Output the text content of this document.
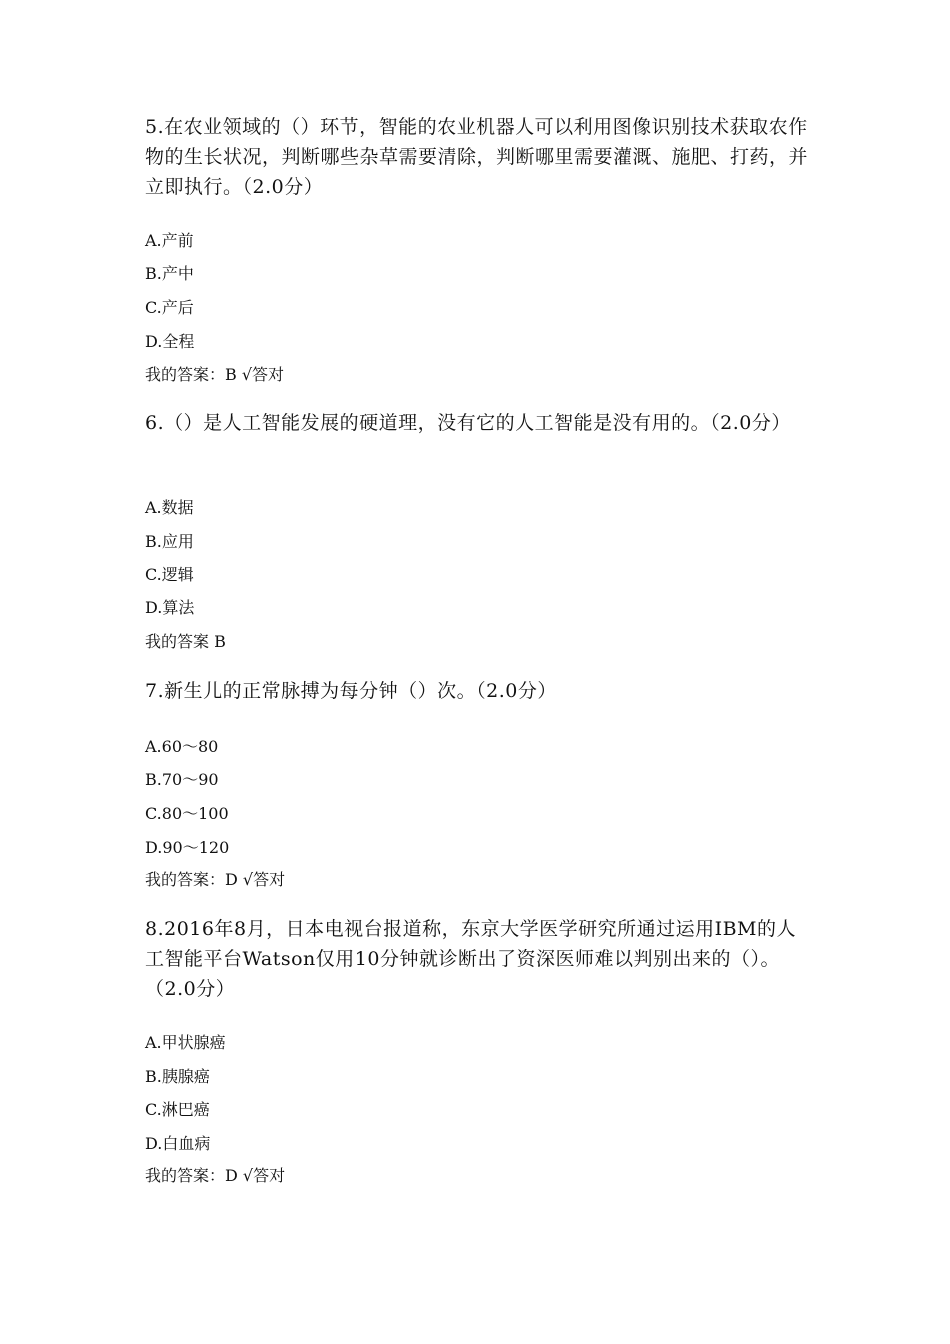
5.在农业领域的（）环节，智能的农业机器人可以利用图像识别技术获取农作物的生长状况，判断哪些杂草需要清除，判断哪里需要灌溉、施肥、打药，并立即执行。（2.0分）
A.产前
B.产中
C.产后
D.全程
我的答案：B √答对
6.（）是人工智能发展的硬道理，没有它的人工智能是没有用的。（2.0分）
A.数据
B.应用
C.逻辑
D.算法
我的答案 B
7.新生儿的正常脉搏为每分钟（）次。（2.0分）
A.60～80
B.70～90
C.80～100
D.90～120
我的答案：D √答对
8.2016年8月，日本电视台报道称，东京大学医学研究所通过运用IBM的人工智能平台Watson仅用10分钟就诊断出了资深医师难以判别出来的（）。（2.0分）
A.甲状腺癌
B.胰腺癌
C.淋巴癌
D.白血病
我的答案：D √答对
